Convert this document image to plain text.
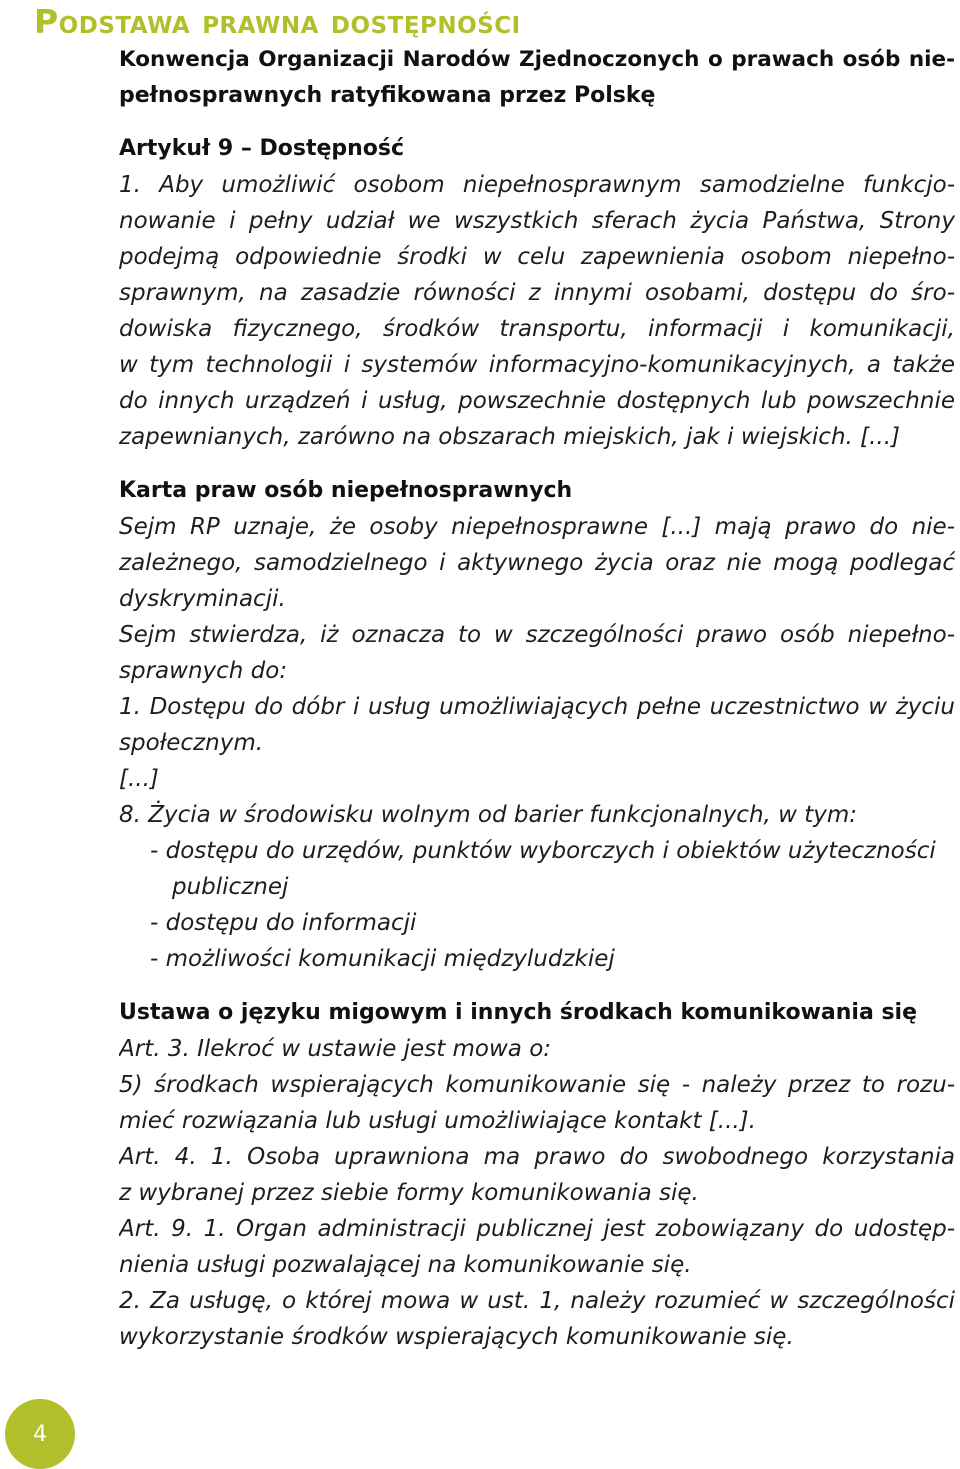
Podstawa prawna dostępności
Konwencja Organizacji Narodów Zjednoczonych o prawach osób nie-
pełnosprawnych ratyfikowana przez Polskę
Artykuł 9 – Dostępność
1. Aby umożliwić osobom niepełnosprawnym samodzielne funkcjo-
nowanie i pełny udział we wszystkich sferach życia Państwa, Strony
podejmą odpowiednie środki w celu zapewnienia osobom niepełno-
sprawnym, na zasadzie równości z innymi osobami, dostępu do śro-
dowiska fizycznego, środków transportu, informacji i komunikacji,
w tym technologii i systemów informacyjno-komunikacyjnych, a także
do innych urządzeń i usług, powszechnie dostępnych lub powszechnie
zapewnianych, zarówno na obszarach miejskich, jak i wiejskich. [...]
Karta praw osób niepełnosprawnych
Sejm RP uznaje, że osoby niepełnosprawne [...] mają prawo do nie-
zależnego, samodzielnego i aktywnego życia oraz nie mogą podlegać
dyskryminacji.
Sejm stwierdza, iż oznacza to w szczególności prawo osób niepełno-
sprawnych do:
1. Dostępu do dóbr i usług umożliwiających pełne uczestnictwo w życiu
społecznym.
[...]
8. Życia w środowisku wolnym od barier funkcjonalnych, w tym:
- dostępu do urzędów, punktów wyborczych i obiektów użyteczności
publicznej
- dostępu do informacji
- możliwości komunikacji międzyludzkiej
Ustawa o języku migowym i innych środkach komunikowania się
Art. 3. Ilekroć w ustawie jest mowa o:
5) środkach wspierających komunikowanie się - należy przez to rozu-
mieć rozwiązania lub usługi umożliwiające kontakt [...].
Art. 4. 1. Osoba uprawniona ma prawo do swobodnego korzystania
z wybranej przez siebie formy komunikowania się.
Art. 9. 1. Organ administracji publicznej jest zobowiązany do udostęp-
nienia usługi pozwalającej na komunikowanie się.
2. Za usługę, o której mowa w ust. 1, należy rozumieć w szczególności
wykorzystanie środków wspierających komunikowanie się.
4
